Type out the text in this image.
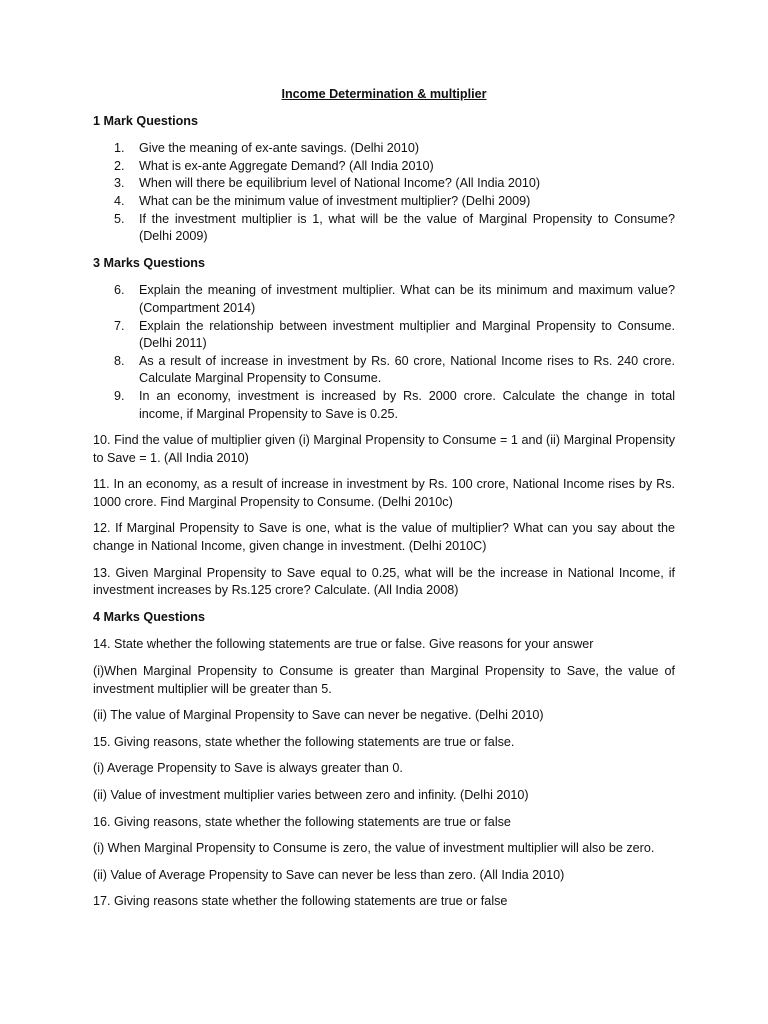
Income Determination & multiplier
1 Mark Questions
1. Give the meaning of ex-ante savings. (Delhi 2010)
2. What is ex-ante Aggregate Demand? (All India 2010)
3. When will there be equilibrium level of National Income? (All India 2010)
4. What can be the minimum value of investment multiplier? (Delhi 2009)
5. If the investment multiplier is 1, what will be the value of Marginal Propensity to Consume? (Delhi 2009)
3 Marks Questions
6. Explain the meaning of investment multiplier. What can be its minimum and maximum value? (Compartment 2014)
7. Explain the relationship between investment multiplier and Marginal Propensity to Consume. (Delhi 2011)
8. As a result of increase in investment by Rs. 60 crore, National Income rises to Rs. 240 crore. Calculate Marginal Propensity to Consume.
9. In an economy, investment is increased by Rs. 2000 crore. Calculate the change in total income, if Marginal Propensity to Save is 0.25.

10. Find the value of multiplier given (i) Marginal Propensity to Consume = 1 and (ii) Marginal Propensity to Save = 1. (All India 2010)

11. In an economy, as a result of increase in investment by Rs. 100 crore, National Income rises by Rs. 1000 crore. Find Marginal Propensity to Consume. (Delhi 2010c)

12. If Marginal Propensity to Save is one, what is the value of multiplier? What can you say about the change in National Income, given change in investment. (Delhi 2010C)

13. Given Marginal Propensity to Save equal to 0.25, what will be the increase in National Income, if investment increases by Rs.125 crore? Calculate. (All India 2008)

4 Marks Questions

14. State whether the following statements are true or false. Give reasons for your answer

(i)When Marginal Propensity to Consume is greater than Marginal Propensity to Save, the value of investment multiplier will be greater than 5.

(ii) The value of Marginal Propensity to Save can never be negative. (Delhi 2010)

15. Giving reasons, state whether the following statements are true or false.

(i) Average Propensity to Save is always greater than 0.

(ii) Value of investment multiplier varies between zero and infinity. (Delhi 2010)

16. Giving reasons, state whether the following statements are true or false

(i) When Marginal Propensity to Consume is zero, the value of investment multiplier will also be zero.

(ii) Value of Average Propensity to Save can never be less than zero. (All India 2010)

17. Giving reasons state whether the following statements are true or false
